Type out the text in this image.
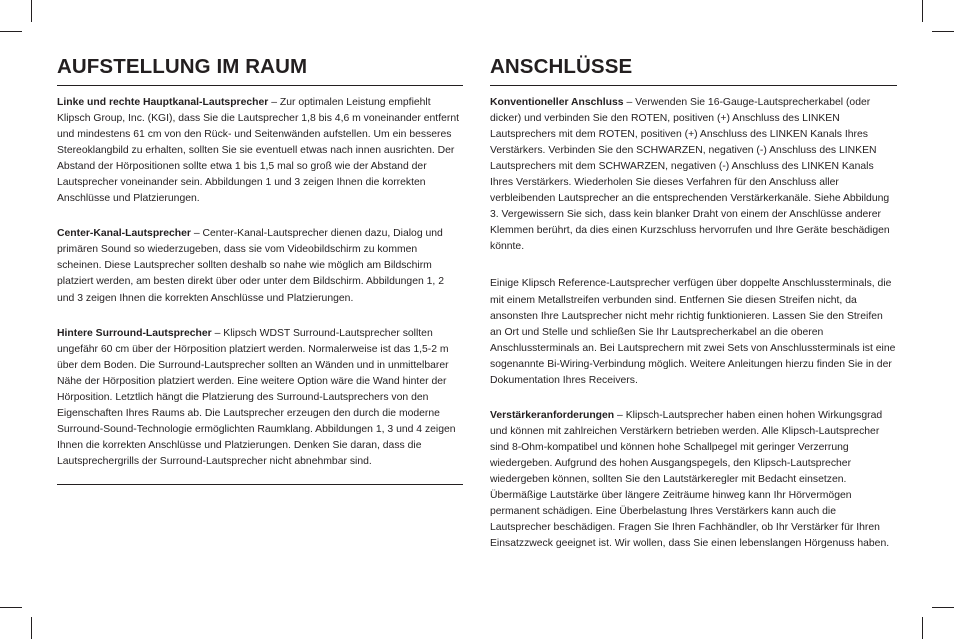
AUFSTELLUNG IM RAUM

Linke und rechte Hauptkanal-Lautsprecher – Zur optimalen Leistung empfiehlt Klipsch Group, Inc. (KGI), dass Sie die Lautsprecher 1,8 bis 4,6 m voneinander entfernt und mindestens 61 cm von den Rück- und Seitenwänden aufstellen. Um ein besseres Stereoklangbild zu erhalten, sollten Sie sie eventuell etwas nach innen ausrichten. Der Abstand der Hörpositionen sollte etwa 1 bis 1,5 mal so groß wie der Abstand der Lautsprecher voneinander sein. Abbildungen 1 und 3 zeigen Ihnen die korrekten Anschlüsse und Platzierungen.

Center-Kanal-Lautsprecher – Center-Kanal-Lautsprecher dienen dazu, Dialog und primären Sound so wiederzugeben, dass sie vom Videobildschirm zu kommen scheinen. Diese Lautsprecher sollten deshalb so nahe wie möglich am Bildschirm platziert werden, am besten direkt über oder unter dem Bildschirm. Abbildungen 1, 2 und 3 zeigen Ihnen die korrekten Anschlüsse und Platzierungen.

Hintere Surround-Lautsprecher – Klipsch WDST Surround-Lautsprecher sollten ungefähr 60 cm über der Hörposition platziert werden. Normalerweise ist das 1,5-2 m über dem Boden. Die Surround-Lautsprecher sollten an Wänden und in unmittelbarer Nähe der Hörposition platziert werden. Eine weitere Option wäre die Wand hinter der Hörposition. Letztlich hängt die Platzierung des Surround-Lautsprechers von den Eigenschaften Ihres Raums ab. Die Lautsprecher erzeugen den durch die moderne Surround-Sound-Technologie ermöglichten Raumklang. Abbildungen 1, 3 und 4 zeigen Ihnen die korrekten Anschlüsse und Platzierungen. Denken Sie daran, dass die Lautsprechergrills der Surround-Lautsprecher nicht abnehmbar sind.

ANSCHLÜSSE

Konventioneller Anschluss – Verwenden Sie 16-Gauge-Lautsprecherkabel (oder dicker) und verbinden Sie den ROTEN, positiven (+) Anschluss des LINKEN Lautsprechers mit dem ROTEN, positiven (+) Anschluss des LINKEN Kanals Ihres Verstärkers. Verbinden Sie den SCHWARZEN, negativen (-) Anschluss des LINKEN Lautsprechers mit dem SCHWARZEN, negativen (-) Anschluss des LINKEN Kanals Ihres Verstärkers. Wiederholen Sie dieses Verfahren für den Anschluss aller verbleibenden Lautsprecher an die entsprechenden Verstärkerkanäle. Siehe Abbildung 3. Vergewissern Sie sich, dass kein blanker Draht von einem der Anschlüsse anderer Klemmen berührt, da dies einen Kurzschluss hervorrufen und Ihre Geräte beschädigen könnte.

Einige Klipsch Reference-Lautsprecher verfügen über doppelte Anschlussterminals, die mit einem Metallstreifen verbunden sind. Entfernen Sie diesen Streifen nicht, da ansonsten Ihre Lautsprecher nicht mehr richtig funktionieren. Lassen Sie den Streifen an Ort und Stelle und schließen Sie Ihr Lautsprecherkabel an die oberen Anschlussterminals an. Bei Lautsprechern mit zwei Sets von Anschlussterminals ist eine sogenannte Bi-Wiring-Verbindung möglich. Weitere Anleitungen hierzu finden Sie in der Dokumentation Ihres Receivers.

Verstärkeranforderungen – Klipsch-Lautsprecher haben einen hohen Wirkungsgrad und können mit zahlreichen Verstärkern betrieben werden. Alle Klipsch-Lautsprecher sind 8-Ohm-kompatibel und können hohe Schallpegel mit geringer Verzerrung wiedergeben. Aufgrund des hohen Ausgangspegels, den Klipsch-Lautsprecher wiedergeben können, sollten Sie den Lautstärkeregler mit Bedacht einsetzen. Übermäßige Lautstärke über längere Zeiträume hinweg kann Ihr Hörvermögen permanent schädigen. Eine Überbelastung Ihres Verstärkers kann auch die Lautsprecher beschädigen. Fragen Sie Ihren Fachhändler, ob Ihr Verstärker für Ihren Einsatzzweck geeignet ist. Wir wollen, dass Sie einen lebenslangen Hörgenuss haben.
